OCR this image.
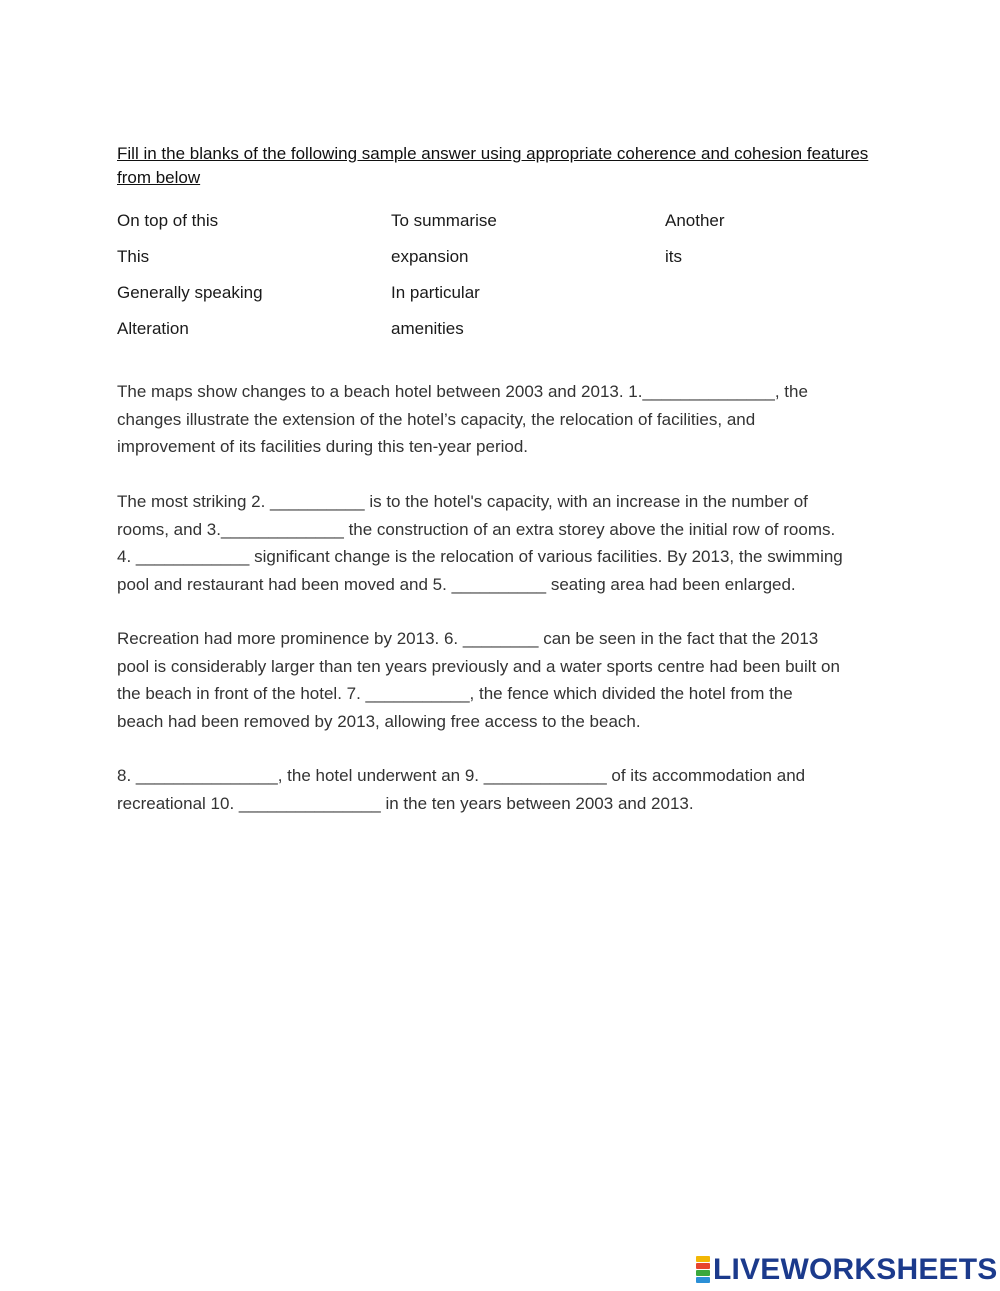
Fill in the blanks of the following sample answer using appropriate coherence and cohesion features from below

On top of this
This
Generally speaking
Alteration
To summarise
expansion
In particular
amenities
Another
its

The maps show changes to a beach hotel between 2003 and 2013. 1.______________, the
changes illustrate the extension of the hotel’s capacity, the relocation of facilities, and
improvement of its facilities during this ten-year period.

The most striking 2. __________ is to the hotel's capacity, with an increase in the number of
rooms, and 3._____________ the construction of an extra storey above the initial row of rooms.
4. ____________ significant change is the relocation of various facilities. By 2013, the swimming
pool and restaurant had been moved and 5. __________ seating area had been enlarged.

Recreation had more prominence by 2013. 6. ________ can be seen in the fact that the 2013
pool is considerably larger than ten years previously and a water sports centre had been built on
the beach in front of the hotel. 7. ___________, the fence which divided the hotel from the
beach had been removed by 2013, allowing free access to the beach.

8. _______________, the hotel underwent an 9. _____________ of its accommodation and
recreational 10. _______________ in the ten years between 2003 and 2013.

LIVEWORKSHEETS
